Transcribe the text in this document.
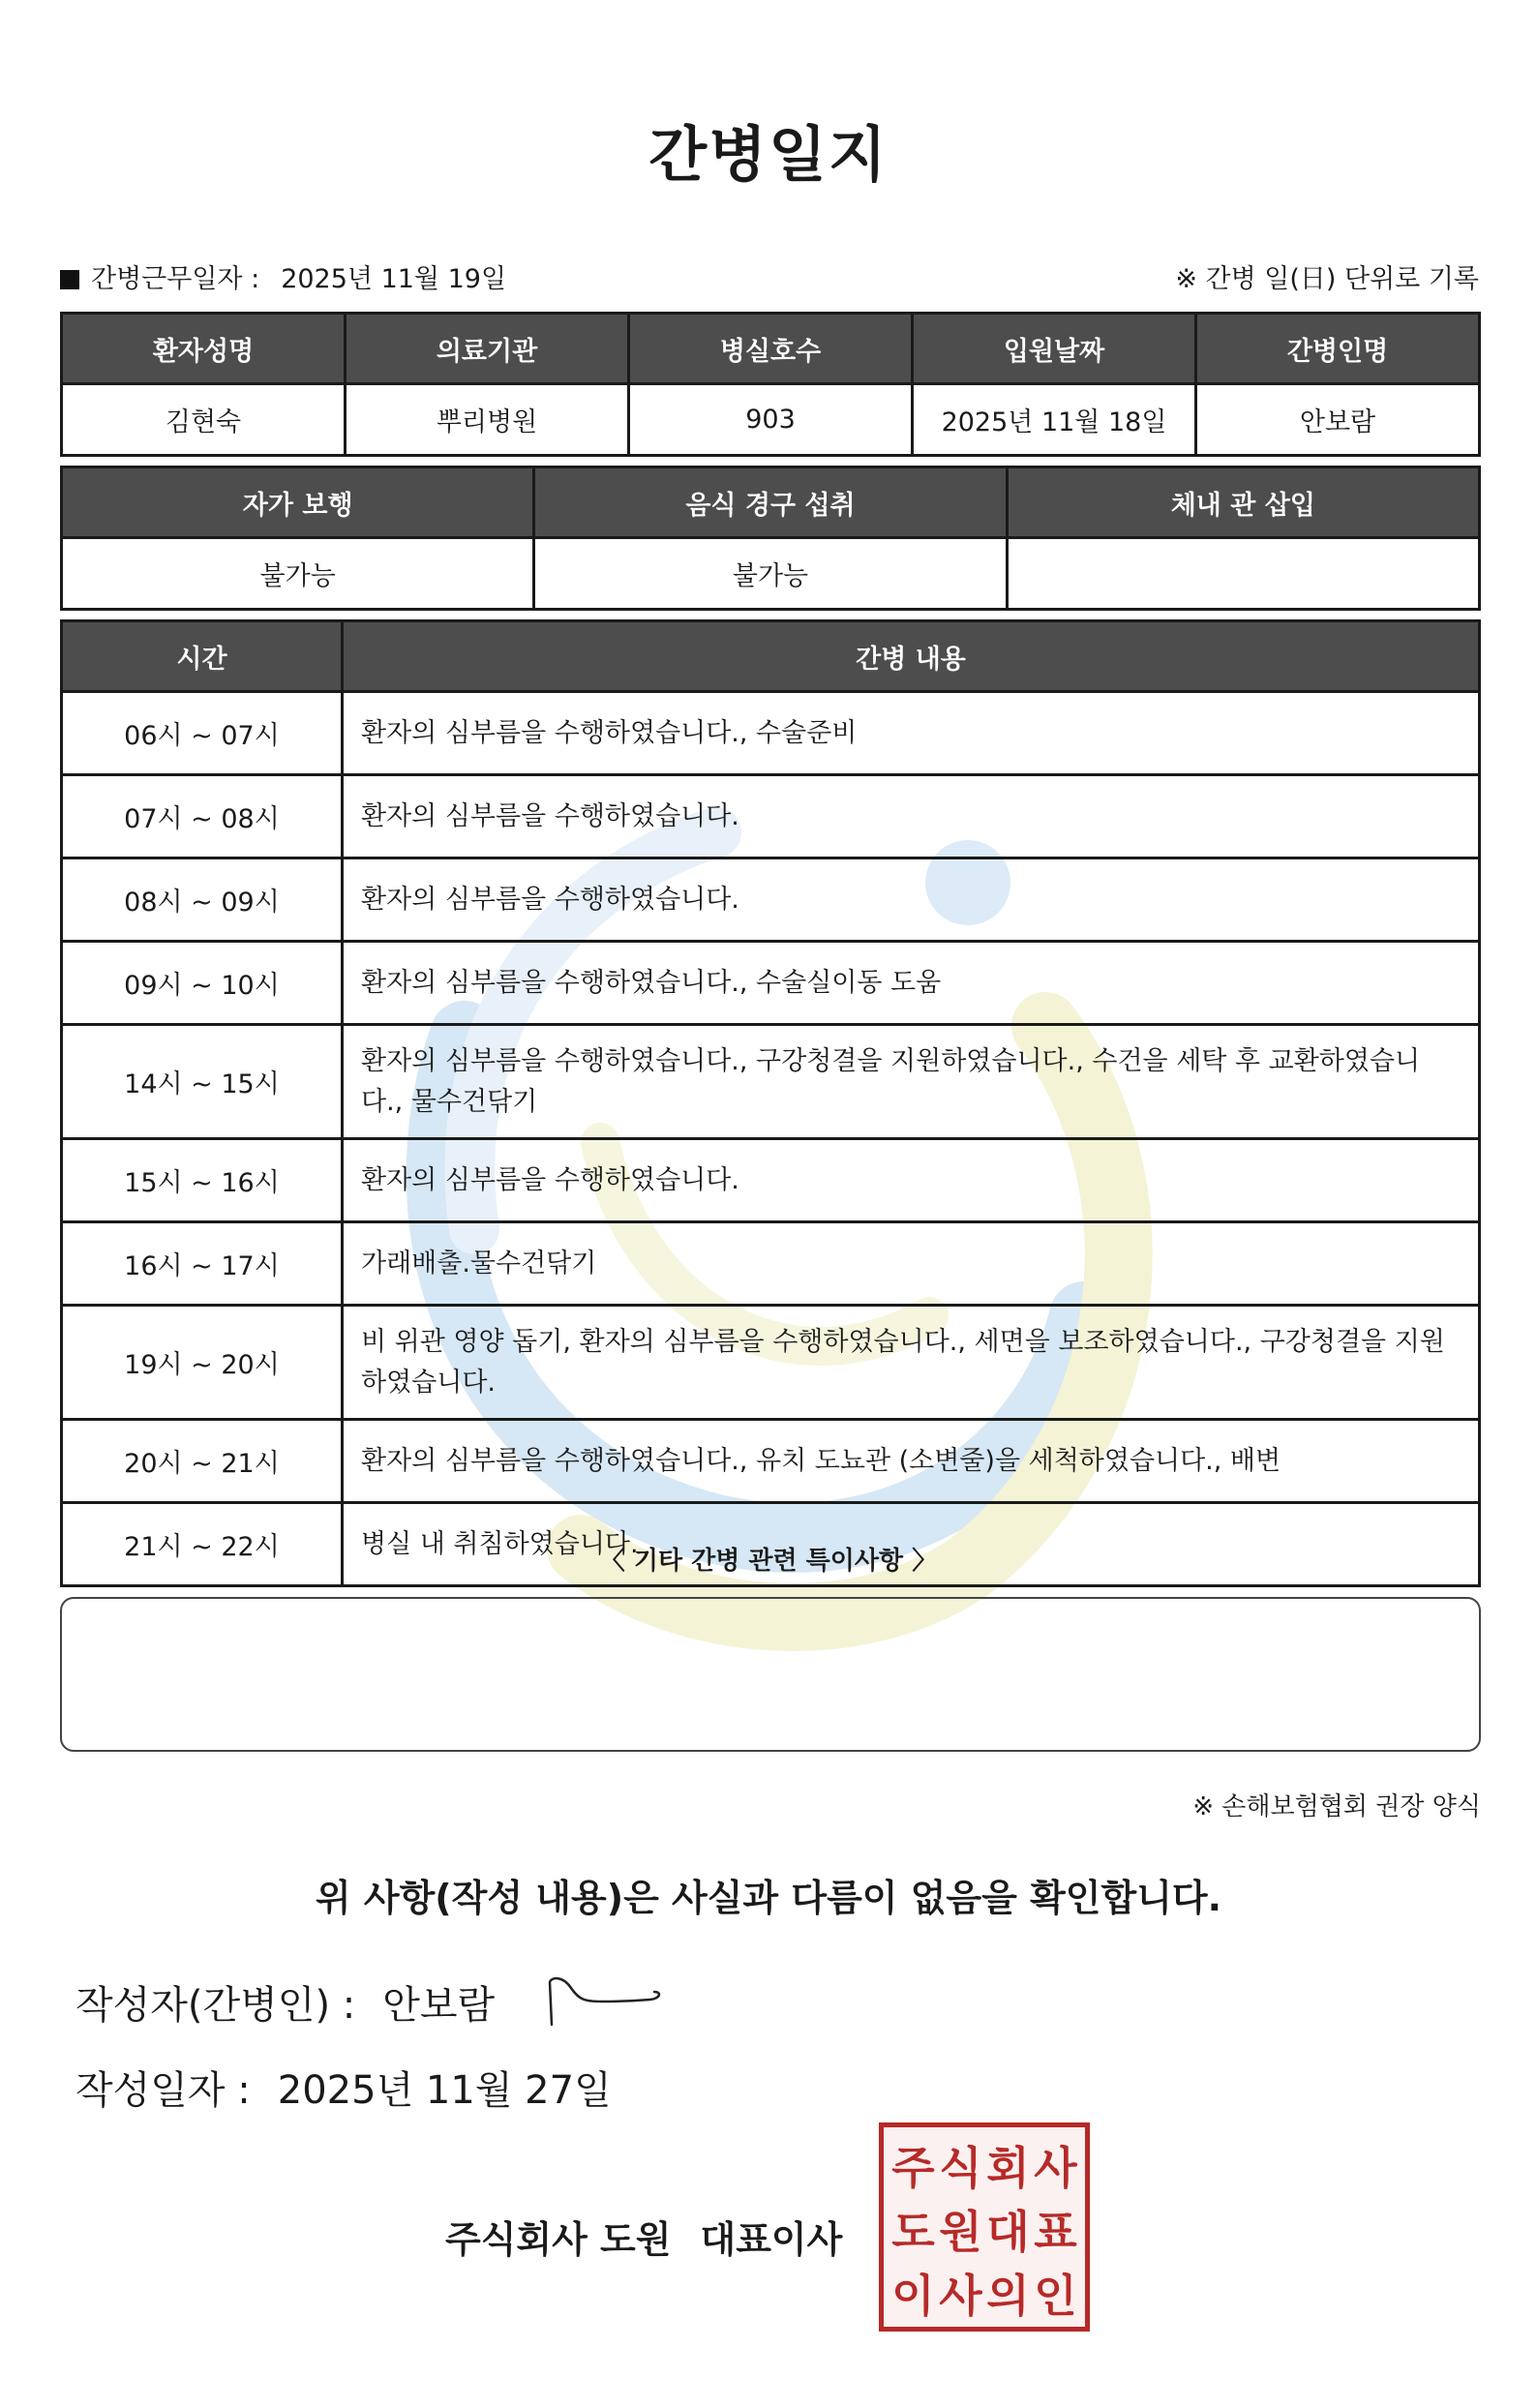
간병일지
간병근무일자 : 2025년 11월 19일	※ 간병 일(日) 단위로 기록
환자성명	의료기관	병실호수	입원날짜	간병인명
김현숙	뿌리병원	903	2025년 11월 18일	안보람
자가 보행	음식 경구 섭취	체내 관 삽입
불가능	불가능	
시간	간병 내용
06시 ~ 07시	환자의 심부름을 수행하였습니다., 수술준비
07시 ~ 08시	환자의 심부름을 수행하였습니다.
08시 ~ 09시	환자의 심부름을 수행하였습니다.
09시 ~ 10시	환자의 심부름을 수행하였습니다., 수술실이동 도움
14시 ~ 15시	환자의 심부름을 수행하였습니다., 구강청결을 지원하였습니다., 수건을 세탁 후 교환하였습니다., 물수건닦기
15시 ~ 16시	환자의 심부름을 수행하였습니다.
16시 ~ 17시	가래배출.물수건닦기
19시 ~ 20시	비 위관 영양 돕기, 환자의 심부름을 수행하였습니다., 세면을 보조하였습니다., 구강청결을 지원하였습니다.
20시 ~ 21시	환자의 심부름을 수행하였습니다., 유치 도뇨관 (소변줄)을 세척하였습니다., 배변
21시 ~ 22시	병실 내 취침하였습니다.
〈 기타 간병 관련 특이사항 〉
※ 손해보험협회 권장 양식
위 사항(작성 내용)은 사실과 다름이 없음을 확인합니다.
작성자(간병인) : 안보람
작성일자 : 2025년 11월 27일
주식회사 도원 대표이사
주 식 회 사
도 원 대 표
이 사 의 인
